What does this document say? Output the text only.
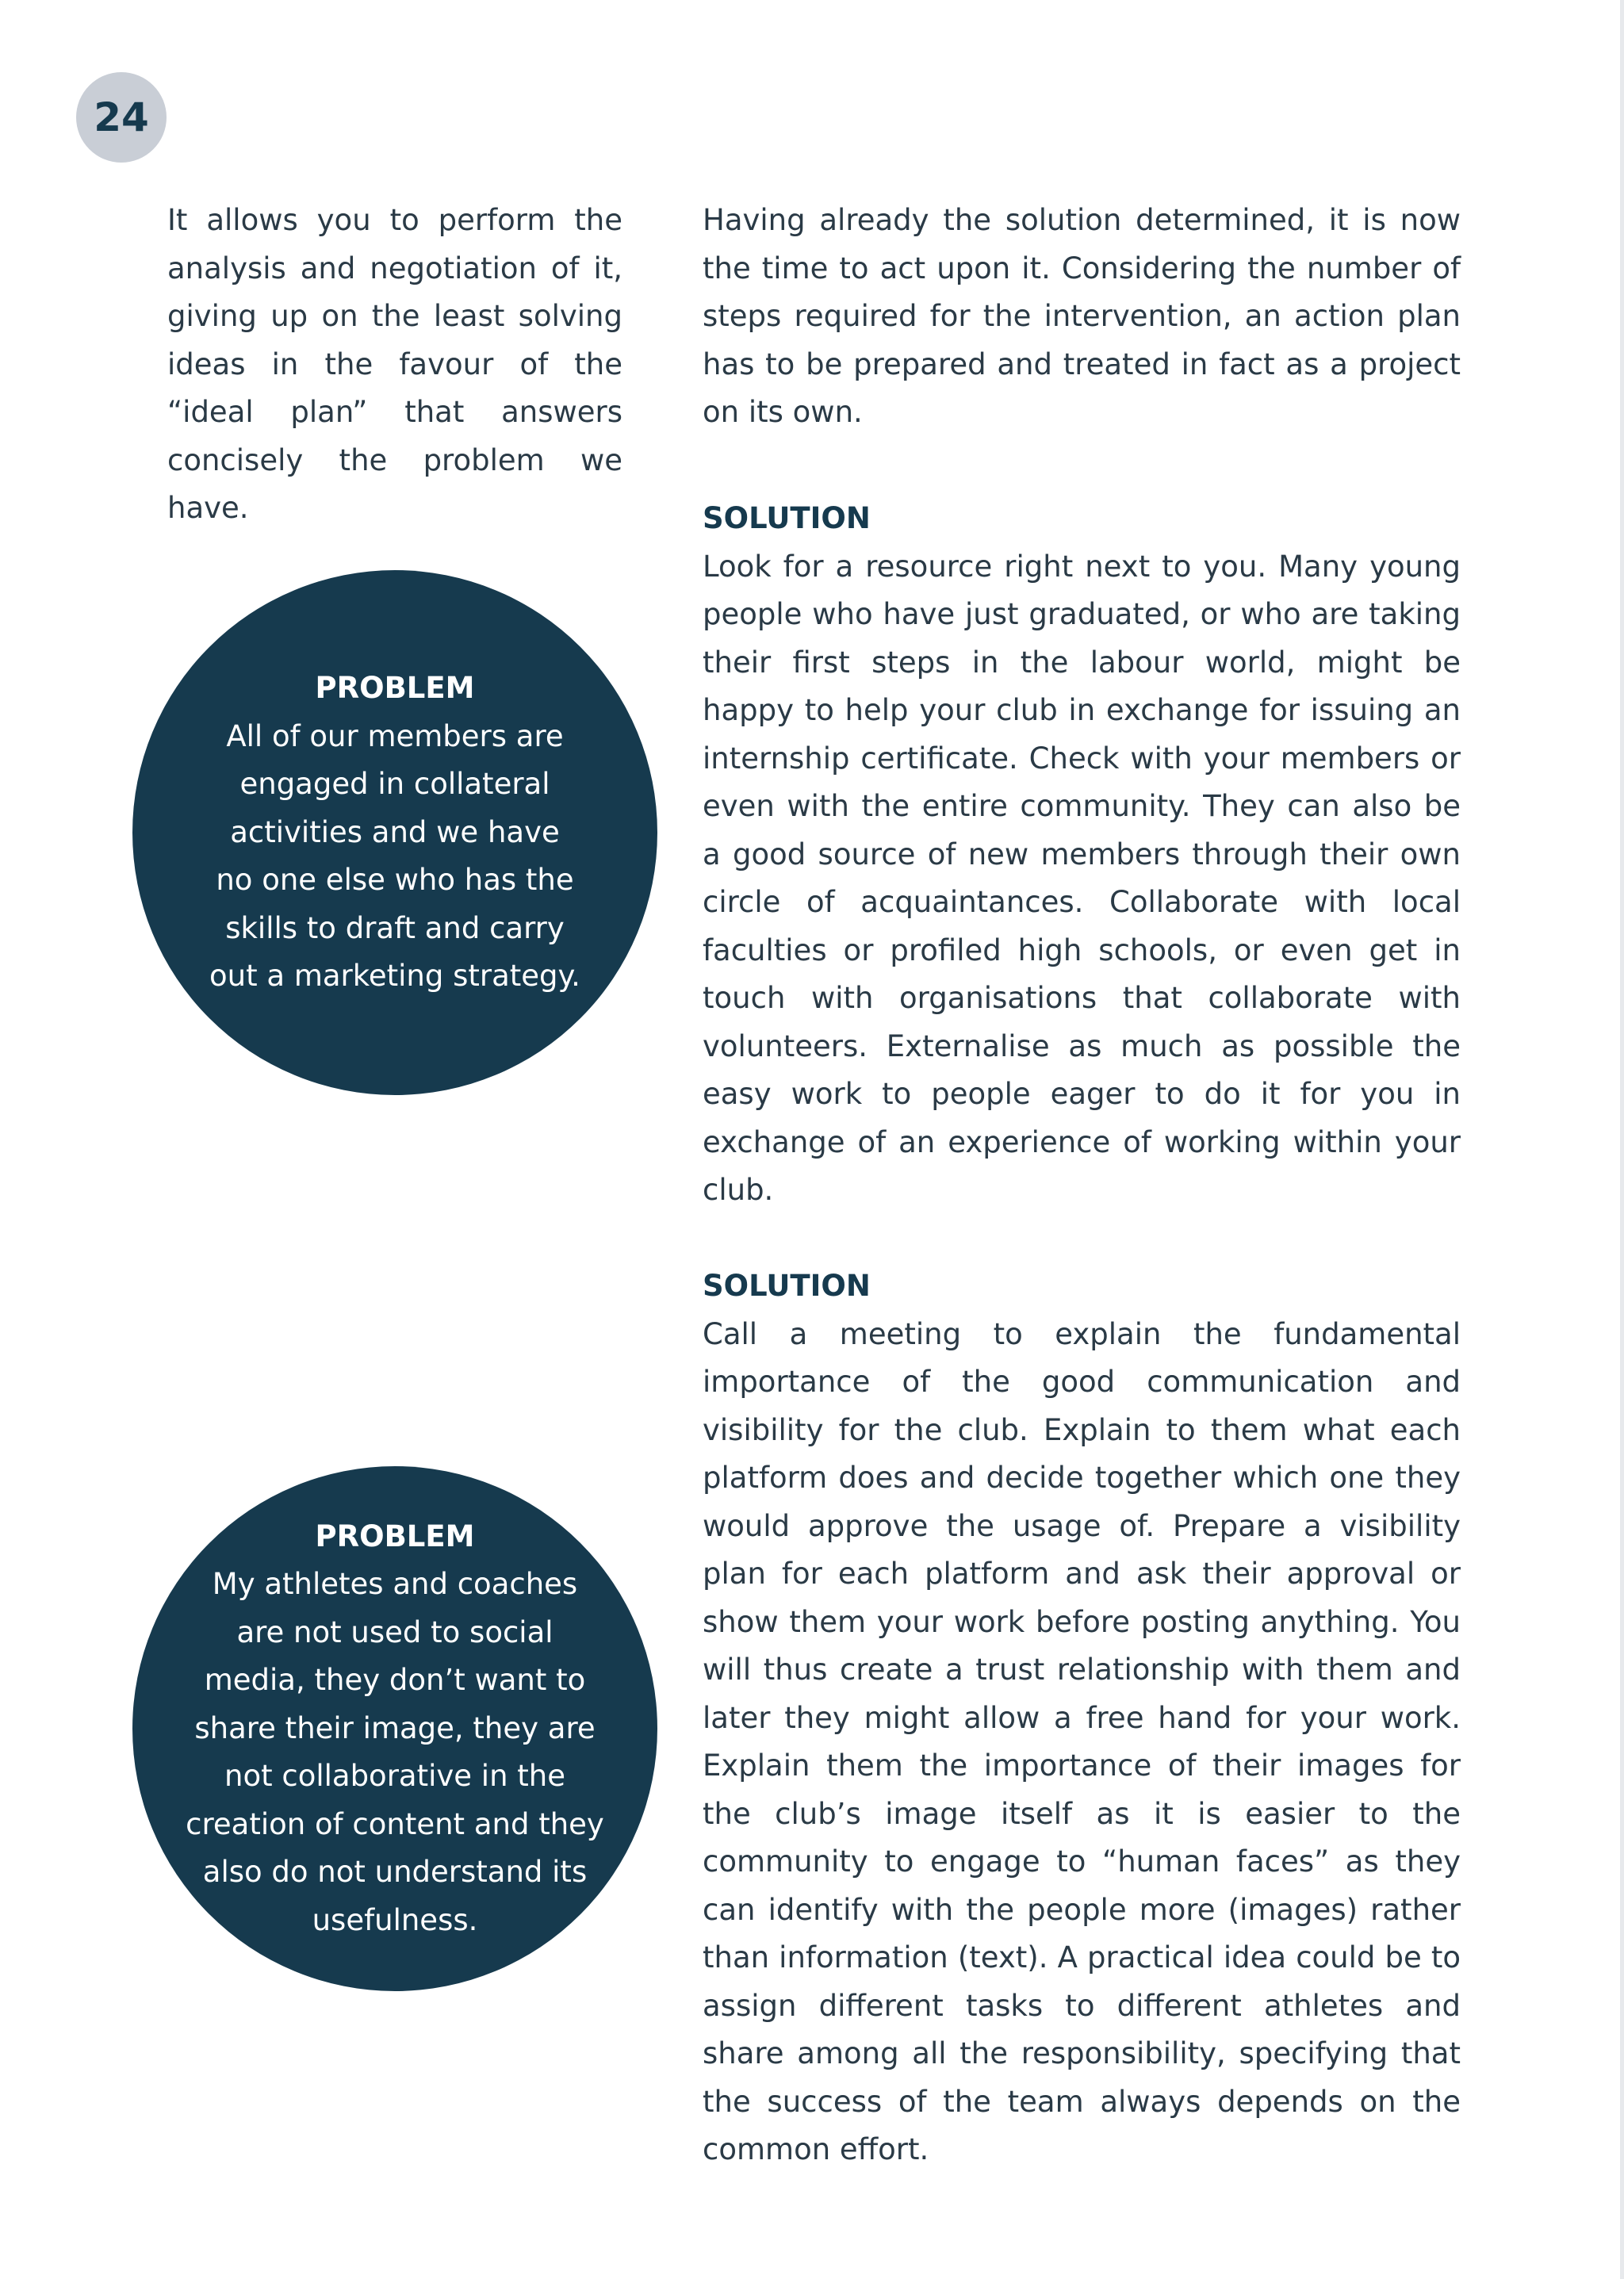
24
It allows you to perform the analysis and negotiation of it, giving up on the least solving ideas in the favour of the “ideal plan” that answers concisely the problem we have.

Having already the solution determined, it is now the time to act upon it. Considering the number of steps required for the intervention, an action plan has to be prepared and treated in fact as a project on its own.

PROBLEM
All of our members are engaged in collateral activities and we have no one else who has the skills to draft and carry out a marketing strategy.
SOLUTION

Look for a resource right next to you. Many young people who have just graduated, or who are taking their first steps in the labour world, might be happy to help your club in exchange for issuing an internship certificate. Check with your members or even with the entire community. They can also be a good source of new members through their own circle of acquaintances. Collaborate with local faculties or profiled high schools, or even get in touch with organisations that collaborate with volunteers. Externalise as much as possible the easy work to people eager to do it for you in exchange of an experience of working within your club.

PROBLEM
My athletes and coaches are not used to social media, they don’t want to share their image, they are not collaborative in the creation of content and they also do not understand its usefulness.
SOLUTION

Call a meeting to explain the fundamental importance of the good communication and visibility for the club. Explain to them what each platform does and decide together which one they would approve the usage of. Prepare a visibility plan for each platform and ask their approval or show them your work before posting anything. You will thus create a trust relationship with them and later they might allow a free hand for your work. Explain them the importance of their images for the club’s image itself as it is easier to the community to engage to “human faces” as they can identify with the people more (images) rather than information (text). A practical idea could be to assign different tasks to different athletes and share among all the responsibility, specifying that the success of the team always depends on the common effort.
